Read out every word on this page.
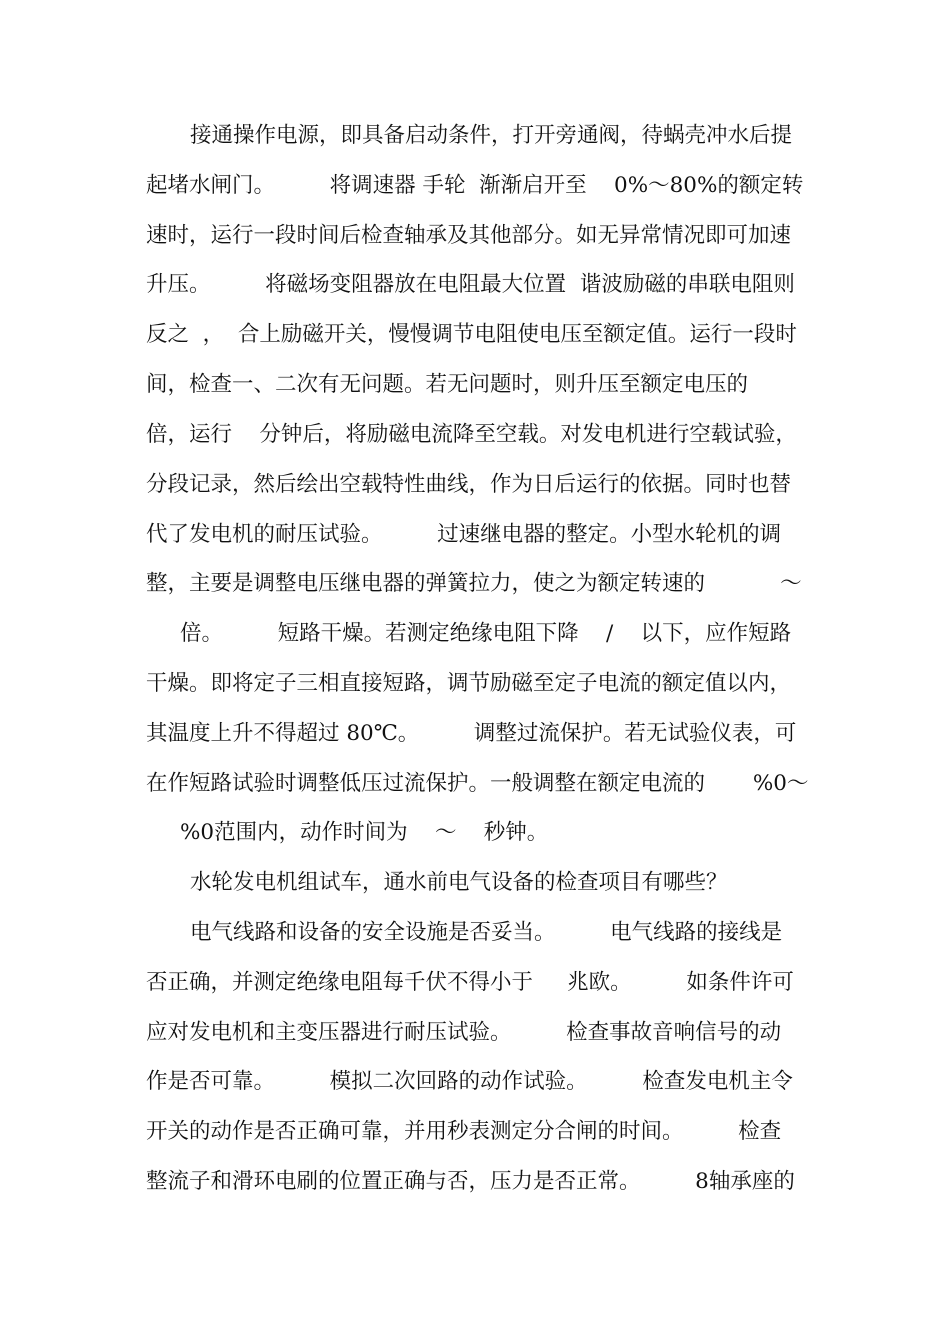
接通操作电源，即具备启动条件，打开旁通阀，待蜗壳冲水后提
起堵水闸门。        将调速器 手轮  渐渐启开至    0%～80%的额定转
速时，运行一段时间后检查轴承及其他部分。如无异常情况即可加速
升压。        将磁场变阻器放在电阻最大位置  谐波励磁的串联电阻则
反之  ，  合上励磁开关，慢慢调节电阻使电压至额定值。运行一段时
间，检查一、二次有无问题。若无问题时，则升压至额定电压的
倍，运行    分钟后，将励磁电流降至空载。对发电机进行空载试验，
分段记录，然后绘出空载特性曲线，作为日后运行的依据。同时也替
代了发电机的耐压试验。        过速继电器的整定。小型水轮机的调
整，主要是调整电压继电器的弹簧拉力，使之为额定转速的           ～
倍。        短路干燥。若测定绝缘电阻下降    /    以下，应作短路
干燥。即将定子三相直接短路，调节励磁至定子电流的额定值以内，
其温度上升不得超过 80℃。        调整过流保护。若无试验仪表，可
在作短路试验时调整低压过流保护。一般调整在额定电流的       %0～
%0范围内，动作时间为    ～    秒钟。
水轮发电机组试车，通水前电气设备的检查项目有哪些？
电气线路和设备的安全设施是否妥当。        电气线路的接线是
否正确，并测定绝缘电阻每千伏不得小于     兆欧。        如条件许可
应对发电机和主变压器进行耐压试验。        检查事故音响信号的动
作是否可靠。        模拟二次回路的动作试验。        检查发电机主令
开关的动作是否正确可靠，并用秒表测定分合闸的时间。        检查
整流子和滑环电刷的位置正确与否，压力是否正常。        8轴承座的
